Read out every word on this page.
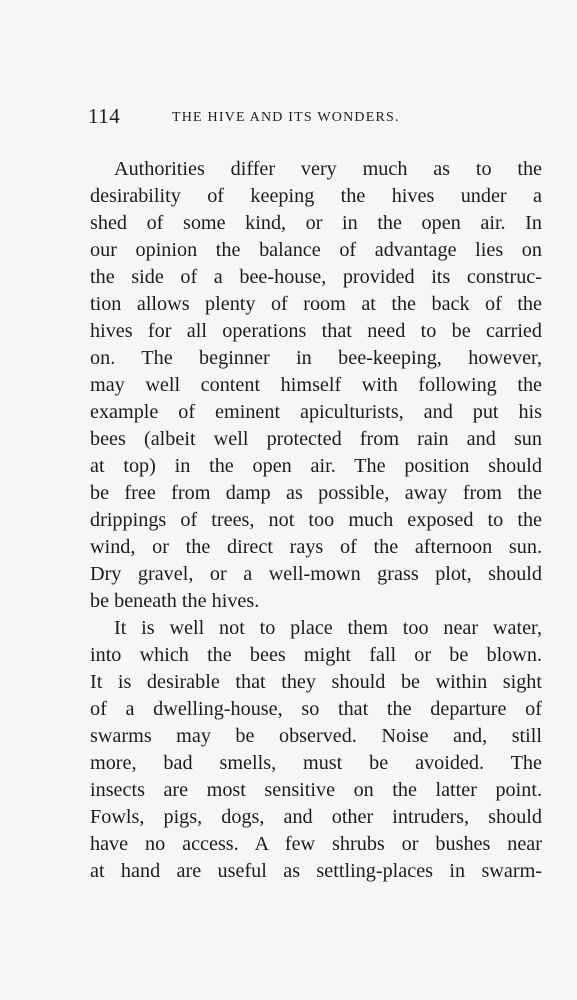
114	THE HIVE AND ITS WONDERS.
Authorities differ very much as to the
desirability of keeping the hives under a
shed of some kind, or in the open air. In
our opinion the balance of advantage lies on
the side of a bee-house, provided its construc-
tion allows plenty of room at the back of the
hives for all operations that need to be carried
on. The beginner in bee-keeping, however,
may well content himself with following the
example of eminent apiculturists, and put his
bees (albeit well protected from rain and sun
at top) in the open air. The position should
be free from damp as possible, away from the
drippings of trees, not too much exposed to the
wind, or the direct rays of the afternoon sun.
Dry gravel, or a well-mown grass plot, should
be beneath the hives.
It is well not to place them too near water,
into which the bees might fall or be blown.
It is desirable that they should be within sight
of a dwelling-house, so that the departure of
swarms may be observed. Noise and, still
more, bad smells, must be avoided. The
insects are most sensitive on the latter point.
Fowls, pigs, dogs, and other intruders, should
have no access. A few shrubs or bushes near
at hand are useful as settling-places in swarm-
